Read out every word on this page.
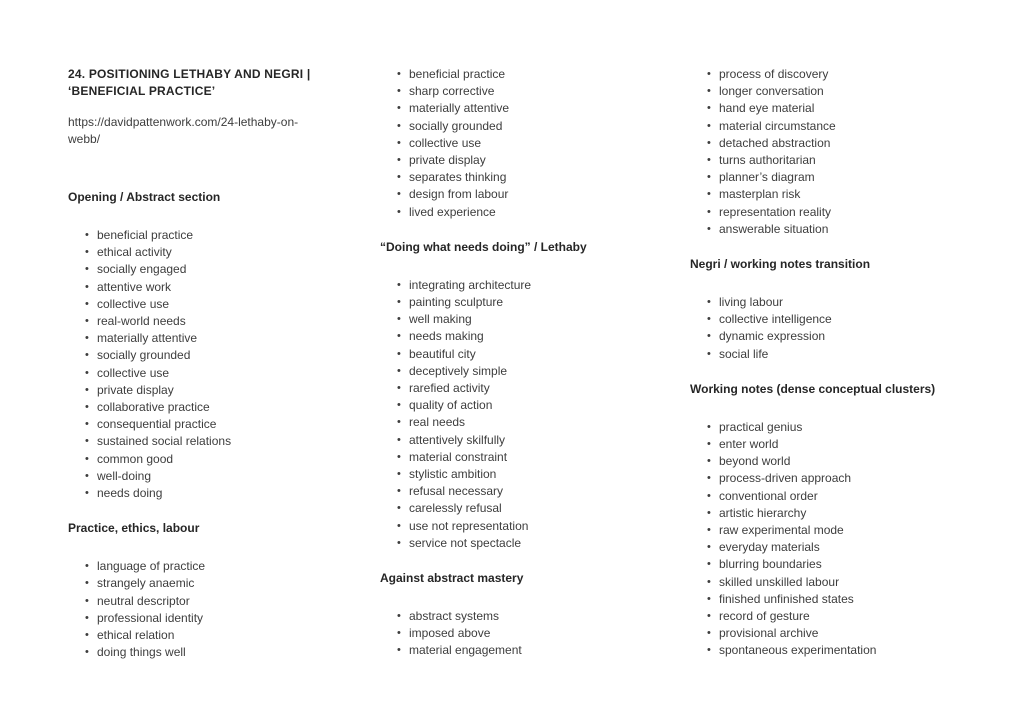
24. POSITIONING LETHABY AND NEGRI |
‘BENEFICIAL PRACTICE’
https://davidpattenwork.com/24-lethaby-on-webb/
Opening / Abstract section
• beneficial practice
• ethical activity
• socially engaged
• attentive work
• collective use
• real-world needs
• materially attentive
• socially grounded
• collective use
• private display
• collaborative practice
• consequential practice
• sustained social relations
• common good
• well-doing
• needs doing
Practice, ethics, labour
• language of practice
• strangely anaemic
• neutral descriptor
• professional identity
• ethical relation
• doing things well
• beneficial practice
• sharp corrective
• materially attentive
• socially grounded
• collective use
• private display
• separates thinking
• design from labour
• lived experience
“Doing what needs doing” / Lethaby
• integrating architecture
• painting sculpture
• well making
• needs making
• beautiful city
• deceptively simple
• rarefied activity
• quality of action
• real needs
• attentively skilfully
• material constraint
• stylistic ambition
• refusal necessary
• carelessly refusal
• use not representation
• service not spectacle
Against abstract mastery
• abstract systems
• imposed above
• material engagement
• process of discovery
• longer conversation
• hand eye material
• material circumstance
• detached abstraction
• turns authoritarian
• planner’s diagram
• masterplan risk
• representation reality
• answerable situation
Negri / working notes transition
• living labour
• collective intelligence
• dynamic expression
• social life
Working notes (dense conceptual clusters)
• practical genius
• enter world
• beyond world
• process-driven approach
• conventional order
• artistic hierarchy
• raw experimental mode
• everyday materials
• blurring boundaries
• skilled unskilled labour
• finished unfinished states
• record of gesture
• provisional archive
• spontaneous experimentation
